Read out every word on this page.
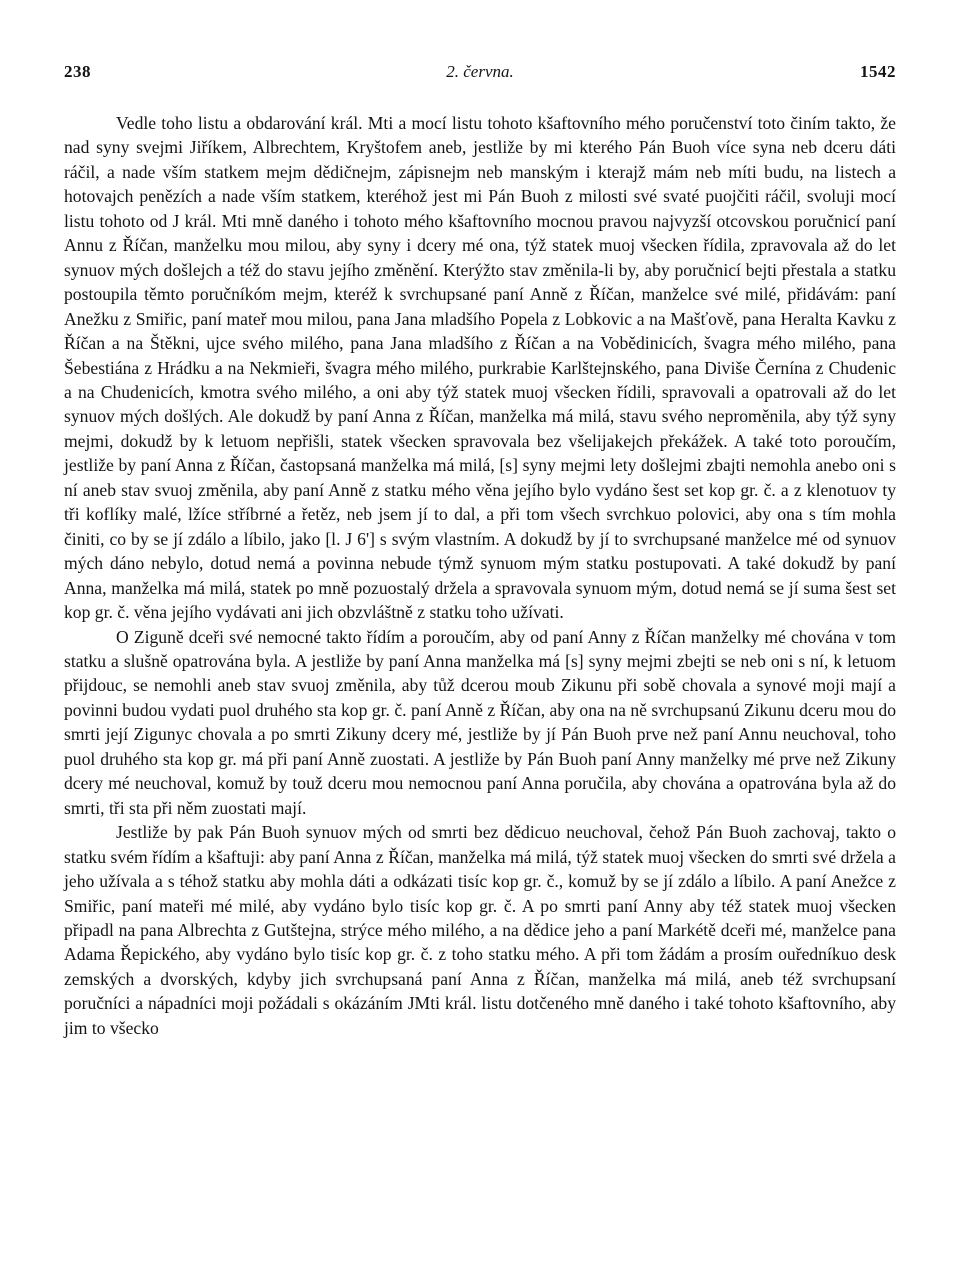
238	2. června.	1542

Vedle toho listu a obdarování král. Mti a mocí listu tohoto kšaftovního mého poručenství toto činím takto, že nad syny svejmi Jiříkem, Albrechtem, Kryštofem aneb, jestliže by mi kterého Pán Buoh více syna neb dceru dáti ráčil, a nade vším statkem mejm dědičnejm, zápisnejm neb manským i kterajž mám neb míti budu, na listech a hotovajch penězích a nade vším statkem, kteréhož jest mi Pán Buoh z milosti své svaté puojčiti ráčil, svoluji mocí listu tohoto od J král. Mti mně daného i tohoto mého kšaftovního mocnou pravou najvyzší otcovskou poručnicí paní Annu z Říčan, manželku mou milou, aby syny i dcery mé ona, týž statek muoj všecken řídila, zpravovala až do let synuov mých došlejch a též do stavu jejího změnění. Kterýžto stav změnila-li by, aby poručnicí bejti přestala a statku postoupila těmto poručníkóm mejm, kteréž k svrchupsané paní Anně z Říčan, manželce své milé, přidávám: paní Anežku z Smiřic, paní mateř mou milou, pana Jana mladšího Popela z Lobkovic a na Mašťově, pana Heralta Kavku z Říčan a na Štěkni, ujce svého milého, pana Jana mladšího z Říčan a na Vobědinicích, švagra mého milého, pana Šebestiána z Hrádku a na Nekmieři, švagra mého milého, purkrabie Karlštejnského, pana Diviše Černína z Chudenic a na Chudenicích, kmotra svého milého, a oni aby týž statek muoj všecken řídili, spravovali a opatrovali až do let synuov mých došlých. Ale dokudž by paní Anna z Říčan, manželka má milá, stavu svého neproměnila, aby týž syny mejmi, dokudž by k letuom nepřišli, statek všecken spravovala bez všelijakejch překážek. A také toto poroučím, jestliže by paní Anna z Říčan, častopsaná manželka má milá, [s] syny mejmi lety došlejmi zbajti nemohla anebo oni s ní aneb stav svuoj změnila, aby paní Anně z statku mého věna jejího bylo vydáno šest set kop gr. č. a z klenotuov ty tři koflíky malé, lžíce stříbrné a řetěz, neb jsem jí to dal, a při tom všech svrchkuo polovici, aby ona s tím mohla činiti, co by se jí zdálo a líbilo, jako [l. J 6'] s svým vlastním. A dokudž by jí to svrchupsané manželce mé od synuov mých dáno nebylo, dotud nemá a povinna nebude týmž synuom mým statku postupovati. A také dokudž by paní Anna, manželka má milá, statek po mně pozuostalý držela a spravovala synuom mým, dotud nemá se jí suma šest set kop gr. č. věna jejího vydávati ani jich obzvláštně z statku toho užívati.

O Ziguně dceři své nemocné takto řídím a poroučím, aby od paní Anny z Říčan manželky mé chována v tom statku a slušně opatrována byla. A jestliže by paní Anna manželka má [s] syny mejmi zbejti se neb oni s ní, k letuom přijdouc, se nemohli aneb stav svuoj změnila, aby tůž dcerou moub Zikunu při sobě chovala a synové moji mají a povinni budou vydati puol druhého sta kop gr. č. paní Anně z Říčan, aby ona na ně svrchupsanú Zikunu dceru mou do smrti její Zigunyc chovala a po smrti Zikuny dcery mé, jestliže by jí Pán Buoh prve než paní Annu neuchoval, toho puol druhého sta kop gr. má při paní Anně zuostati. A jestliže by Pán Buoh paní Anny manželky mé prve než Zikuny dcery mé neuchoval, komuž by touž dceru mou nemocnou paní Anna poručila, aby chována a opatrována byla až do smrti, tři sta při něm zuostati mají.

Jestliže by pak Pán Buoh synuov mých od smrti bez dědicuo neuchoval, čehož Pán Buoh zachovaj, takto o statku svém řídím a kšaftuji: aby paní Anna z Říčan, manželka má milá, týž statek muoj všecken do smrti své držela a jeho užívala a s téhož statku aby mohla dáti a odkázati tisíc kop gr. č., komuž by se jí zdálo a líbilo. A paní Anežce z Smiřic, paní mateři mé milé, aby vydáno bylo tisíc kop gr. č. A po smrti paní Anny aby též statek muoj všecken připadl na pana Albrechta z Gutštejna, strýce mého milého, a na dědice jeho a paní Markétě dceři mé, manželce pana Adama Řepického, aby vydáno bylo tisíc kop gr. č. z toho statku mého. A při tom žádám a prosím ouředníkuo desk zemských a dvorských, kdyby jich svrchupsaná paní Anna z Říčan, manželka má milá, aneb též svrchupsaní poručníci a nápadníci moji požádali s okázáním JMti král. listu dotčeného mně daného i také tohoto kšaftovního, aby jim to všecko
